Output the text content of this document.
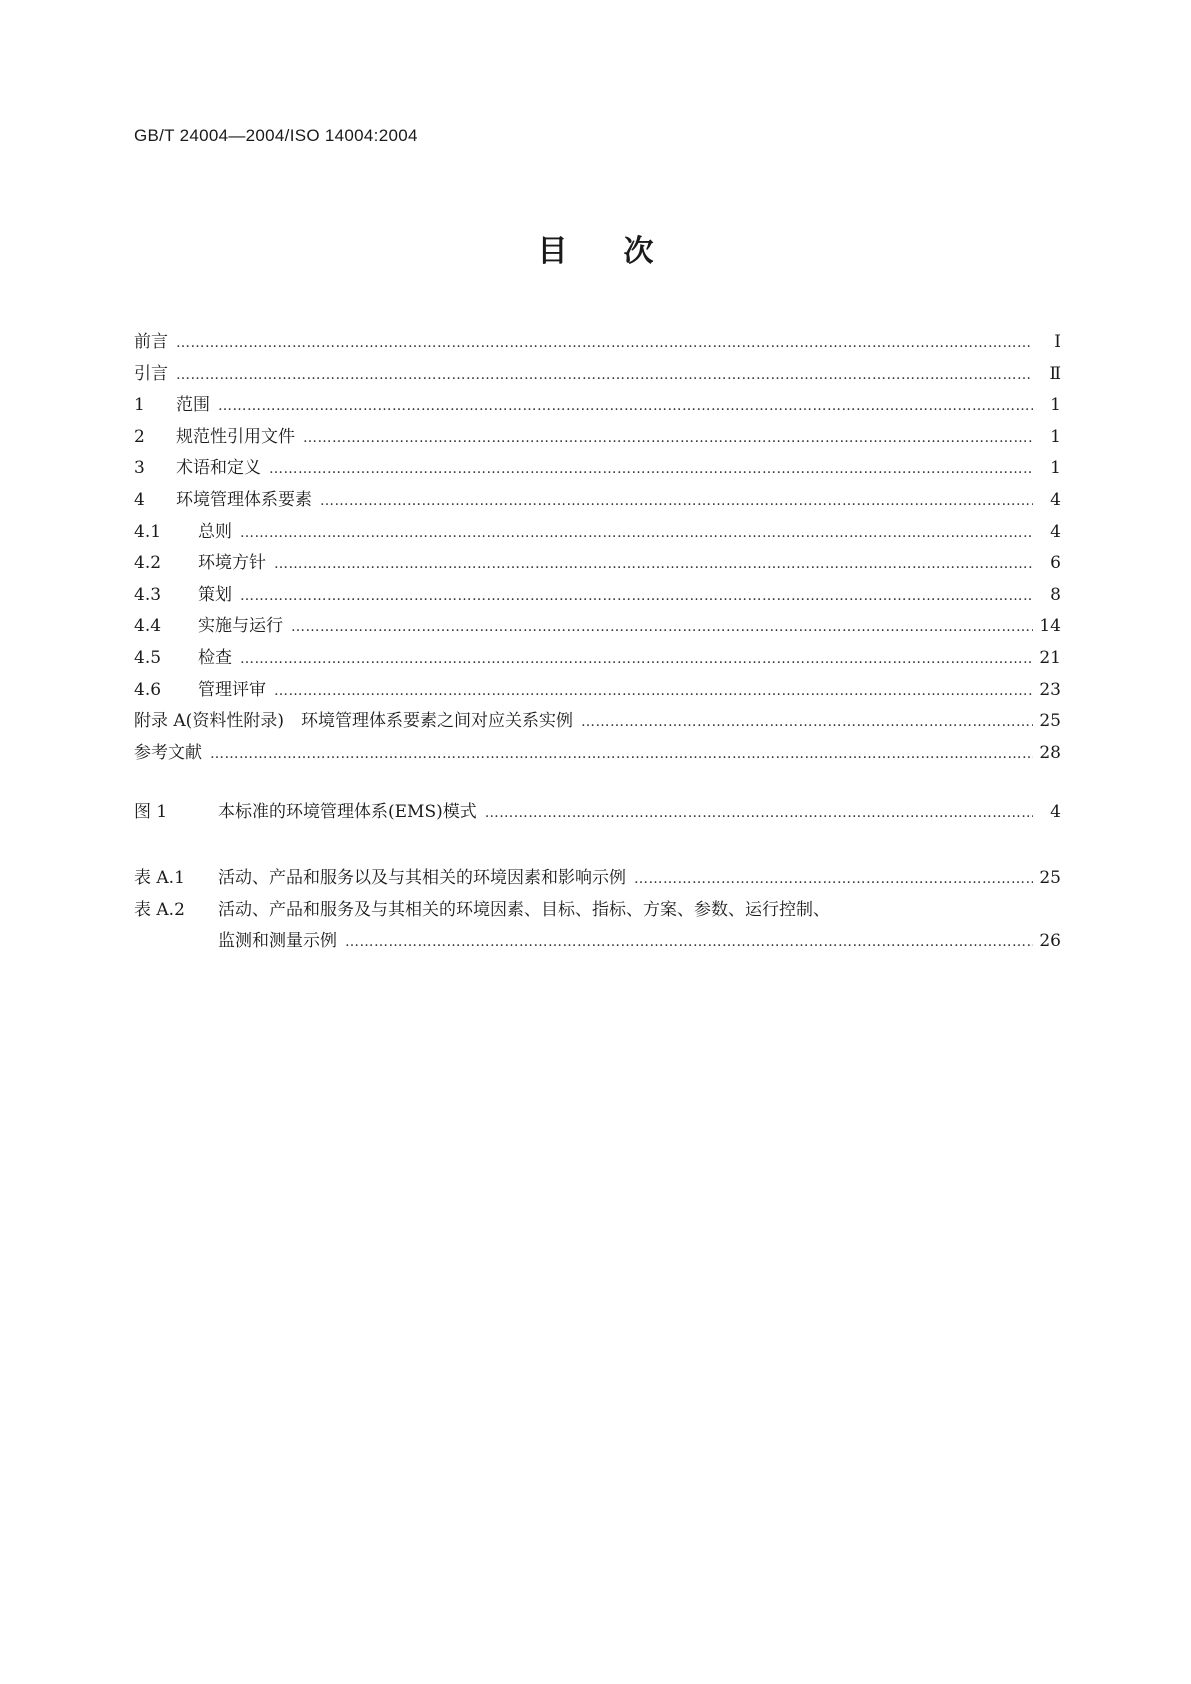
GB/T 24004—2004/ISO 14004:2004
目 次
前言 ……………………………………………………………………………………………………………………………………………………………………………………………………	Ⅰ
引言 ……………………………………………………………………………………………………………………………………………………………………………………………………	Ⅱ
1	范围 ……………………………………………………………………………………………………………………………………………………………………………………………………	1
2	规范性引用文件 ……………………………………………………………………………………………………………………………………………………………………………………………………	1
3	术语和定义 ……………………………………………………………………………………………………………………………………………………………………………………………………	1
4	环境管理体系要素 ……………………………………………………………………………………………………………………………………………………………………………………………………	4
4.1	总则 ……………………………………………………………………………………………………………………………………………………………………………………………………	4
4.2	环境方针 ……………………………………………………………………………………………………………………………………………………………………………………………………	6
4.3	策划 ……………………………………………………………………………………………………………………………………………………………………………………………………	8
4.4	实施与运行 ……………………………………………………………………………………………………………………………………………………………………………………………………	14
4.5	检查 ……………………………………………………………………………………………………………………………………………………………………………………………………	21
4.6	管理评审 ……………………………………………………………………………………………………………………………………………………………………………………………………	23
附录 A(资料性附录)　环境管理体系要素之间对应关系实例 ……………………………………………………………………………………………………………………………………………………………………………………………………	25
参考文献 ……………………………………………………………………………………………………………………………………………………………………………………………………	28
图 1	本标准的环境管理体系(EMS)模式 ……………………………………………………………………………………………………………………………………………………………………………………………………	4
表 A.1	活动、产品和服务以及与其相关的环境因素和影响示例 ……………………………………………………………………………………………………………………………………………………………………………………………………	25
表 A.2	活动、产品和服务及与其相关的环境因素、目标、指标、方案、参数、运行控制、
监测和测量示例 ……………………………………………………………………………………………………………………………………………………………………………………………………	26
